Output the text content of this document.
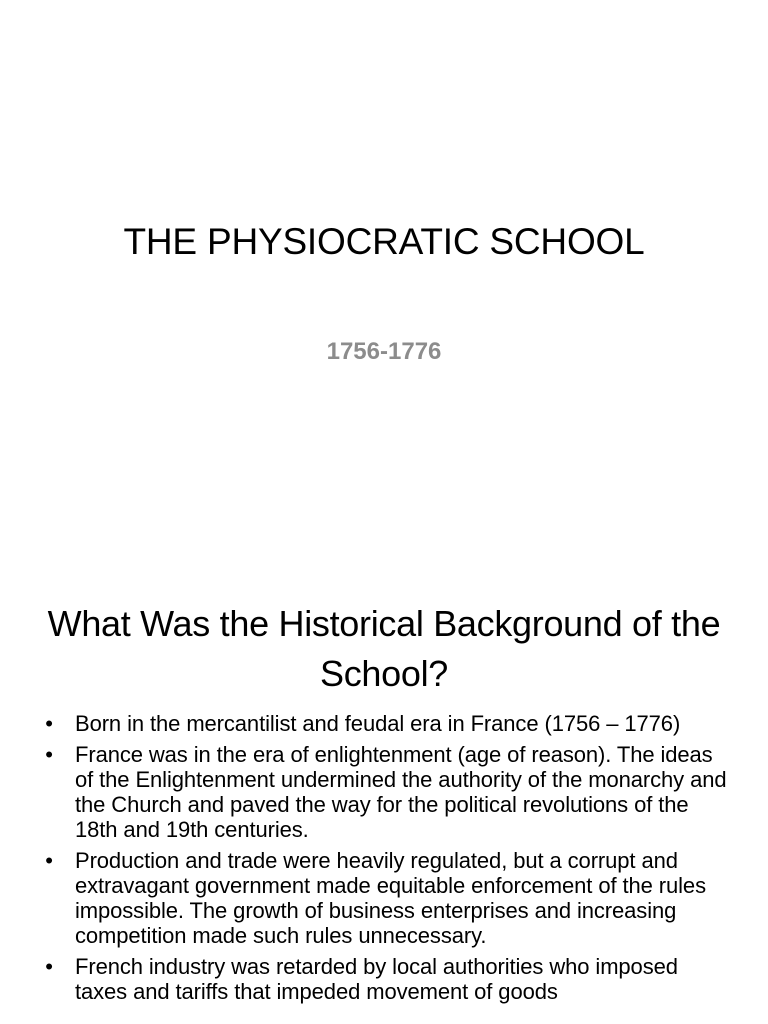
THE PHYSIOCRATIC SCHOOL
1756-1776
What Was the Historical Background of the School?
• Born in the mercantilist and feudal era in France (1756 – 1776)
• France was in the era of enlightenment (age of reason). The ideas of the Enlightenment undermined the authority of the monarchy and the Church and paved the way for the political revolutions of the 18th and 19th centuries.
• Production and trade were heavily regulated, but a corrupt and extravagant government made equitable enforcement of the rules impossible. The growth of business enterprises and increasing competition made such rules unnecessary.
• French industry was retarded by local authorities who imposed taxes and tariffs that impeded movement of goods
